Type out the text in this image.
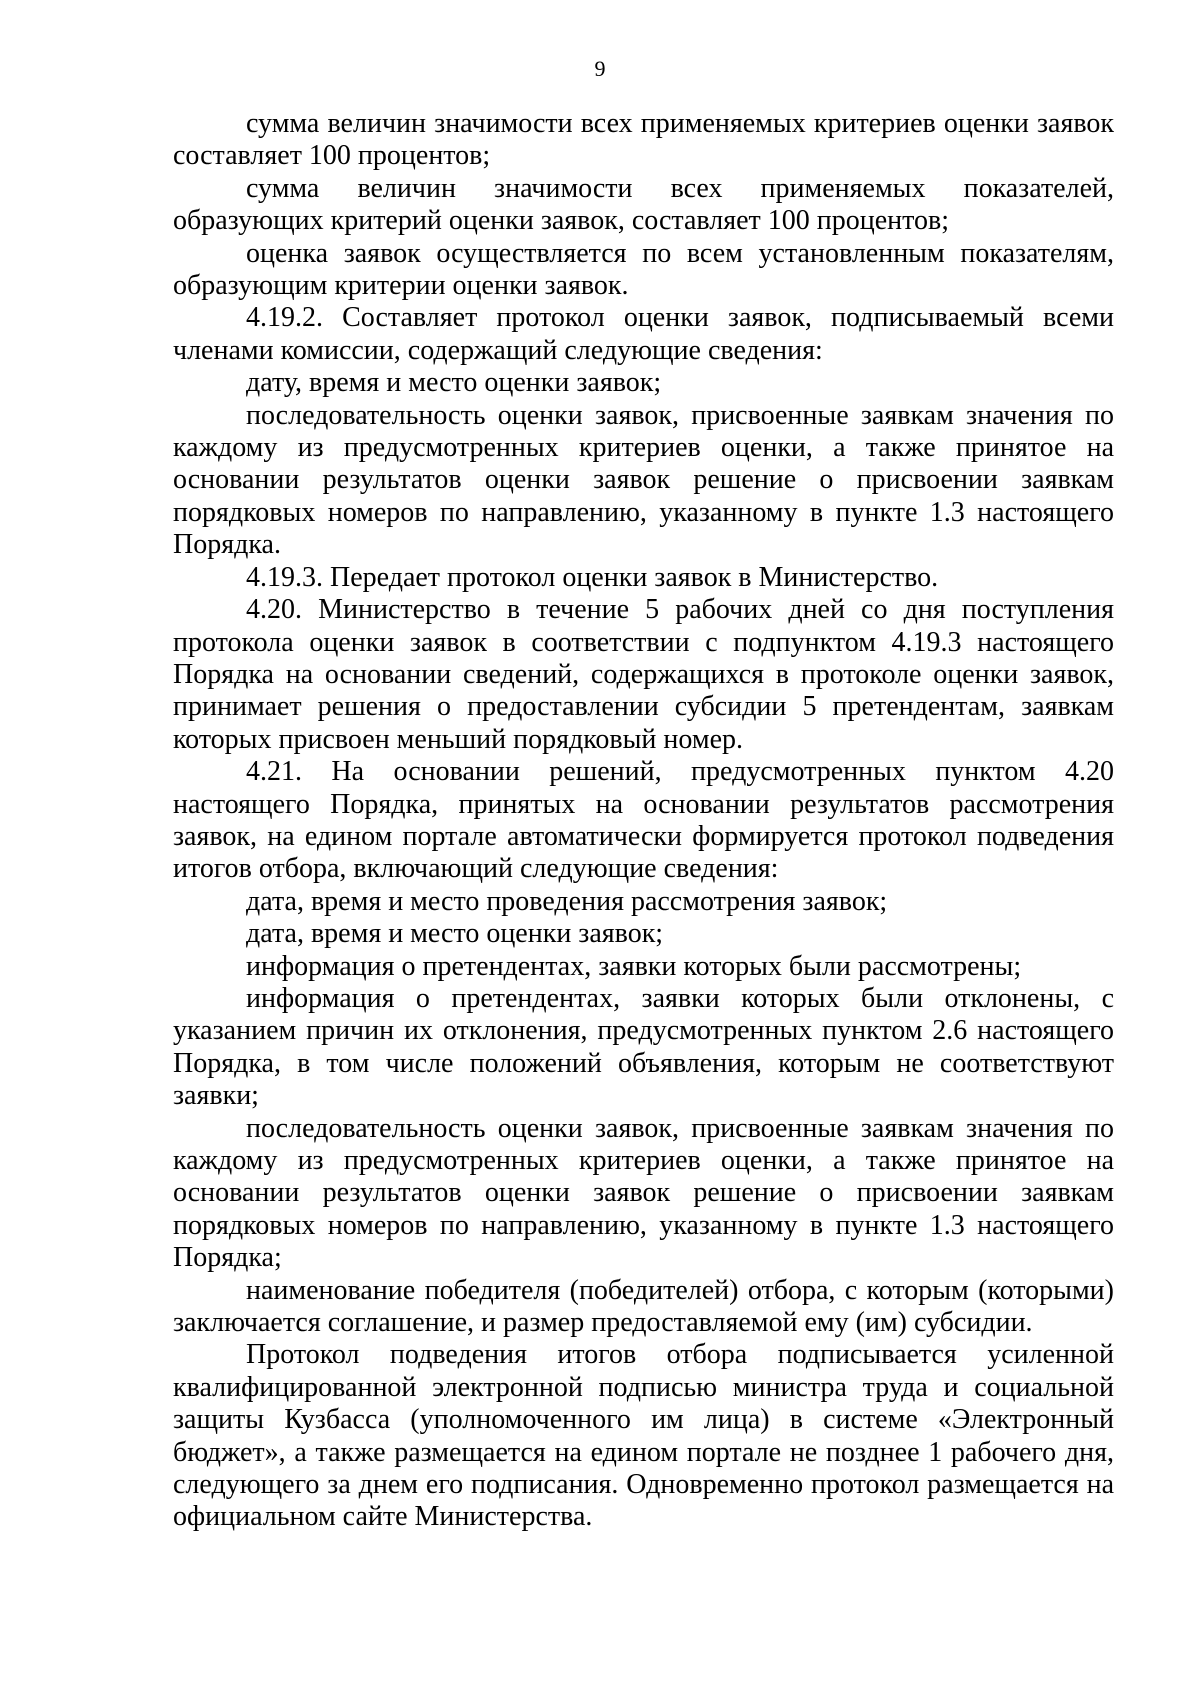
9

сумма величин значимости всех применяемых критериев оценки заявок составляет 100 процентов;

сумма величин значимости всех применяемых показателей, образующих критерий оценки заявок, составляет 100 процентов;

оценка заявок осуществляется по всем установленным показателям, образующим критерии оценки заявок.

4.19.2. Составляет протокол оценки заявок, подписываемый всеми членами комиссии, содержащий следующие сведения:

дату, время и место оценки заявок;

последовательность оценки заявок, присвоенные заявкам значения по каждому из предусмотренных критериев оценки, а также принятое на основании результатов оценки заявок решение о присвоении заявкам порядковых номеров по направлению, указанному в пункте 1.3 настоящего Порядка.

4.19.3. Передает протокол оценки заявок в Министерство.

4.20. Министерство в течение 5 рабочих дней со дня поступления протокола оценки заявок в соответствии с подпунктом 4.19.3 настоящего Порядка на основании сведений, содержащихся в протоколе оценки заявок, принимает решения о предоставлении субсидии 5 претендентам, заявкам которых присвоен меньший порядковый номер.

4.21. На основании решений, предусмотренных пунктом 4.20 настоящего Порядка, принятых на основании результатов рассмотрения заявок, на едином портале автоматически формируется протокол подведения итогов отбора, включающий следующие сведения:

дата, время и место проведения рассмотрения заявок;

дата, время и место оценки заявок;

информация о претендентах, заявки которых были рассмотрены;

информация о претендентах, заявки которых были отклонены, с указанием причин их отклонения, предусмотренных пунктом 2.6 настоящего Порядка, в том числе положений объявления, которым не соответствуют заявки;

последовательность оценки заявок, присвоенные заявкам значения по каждому из предусмотренных критериев оценки, а также принятое на основании результатов оценки заявок решение о присвоении заявкам порядковых номеров по направлению, указанному в пункте 1.3 настоящего Порядка;

наименование победителя (победителей) отбора, с которым (которыми) заключается соглашение, и размер предоставляемой ему (им) субсидии.

Протокол подведения итогов отбора подписывается усиленной квалифицированной электронной подписью министра труда и социальной защиты Кузбасса (уполномоченного им лица) в системе «Электронный бюджет», а также размещается на едином портале не позднее 1 рабочего дня, следующего за днем его подписания. Одновременно протокол размещается на официальном сайте Министерства.
